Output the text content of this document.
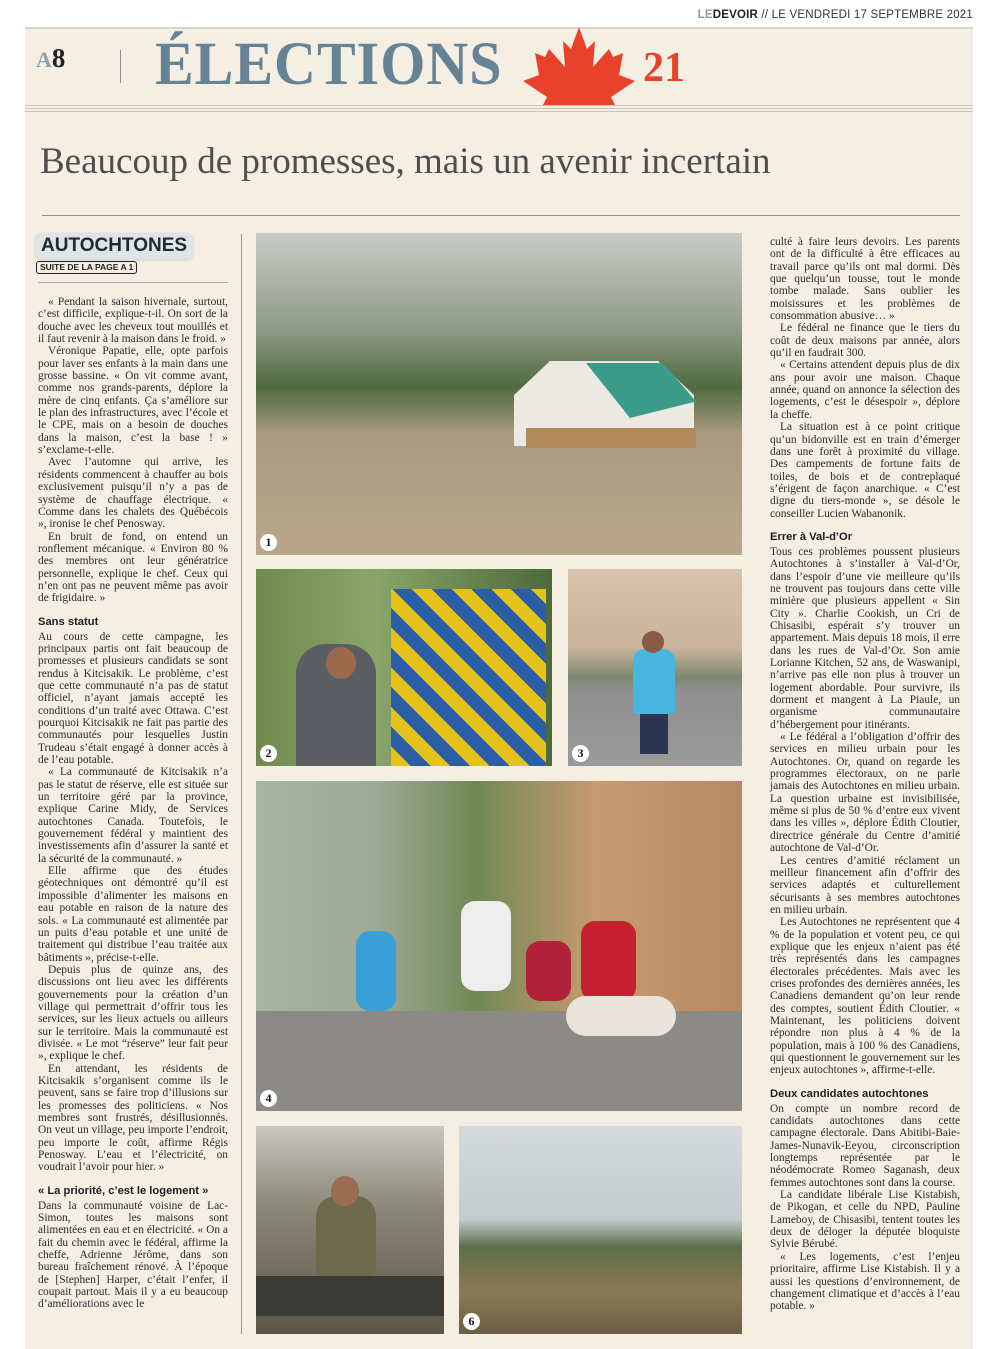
LEDEVOIR // LE VENDREDI 17 SEPTEMBRE 2021
A8 ÉLECTIONS	21
Beaucoup de promesses, mais un avenir incertain
AUTOCHTONES
SUITE DE LA PAGE A 1

« Pendant la saison hivernale, surtout, c’est difficile, explique-t-il. On sort de la douche avec les cheveux tout mouillés et il faut revenir à la maison dans le froid. »

Véronique Papatie, elle, opte parfois pour laver ses enfants à la main dans une grosse bassine. « On vit comme avant, comme nos grands-parents, déplore la mère de cinq enfants. Ça s’améliore sur le plan des infrastructures, avec l’école et le CPE, mais on a besoin de douches dans la maison, c’est la base ! » s’exclame-t-elle.

Avec l’automne qui arrive, les résidents commencent à chauffer au bois exclusivement puisqu’il n’y a pas de système de chauffage électrique. « Comme dans les chalets des Québécois », ironise le chef Penosway.

En bruit de fond, on entend un ronflement mécanique. « Environ 80 % des membres ont leur génératrice personnelle, explique le chef. Ceux qui n’en ont pas ne peuvent même pas avoir de frigidaire. »

Sans statut

Au cours de cette campagne, les principaux partis ont fait beaucoup de promesses et plusieurs candidats se sont rendus à Kitcisakik. Le problème, c’est que cette communauté n’a pas de statut officiel, n’ayant jamais accepté les conditions d’un traité avec Ottawa. C’est pourquoi Kitcisakik ne fait pas partie des communautés pour lesquelles Justin Trudeau s’était engagé à donner accès à de l’eau potable.

« La communauté de Kitcisakik n’a pas le statut de réserve, elle est située sur un territoire géré par la province, explique Carine Midy, de Services autochtones Canada. Toutefois, le gouvernement fédéral y maintient des investissements afin d’assurer la santé et la sécurité de la communauté. »

Elle affirme que des études géotechniques ont démontré qu’il est impossible d’alimenter les maisons en eau potable en raison de la nature des sols. « La communauté est alimentée par un puits d’eau potable et une unité de traitement qui distribue l’eau traitée aux bâtiments », précise-t-elle.

Depuis plus de quinze ans, des discussions ont lieu avec les différents gouvernements pour la création d’un village qui permettrait d’offrir tous les services, sur les lieux actuels ou ailleurs sur le territoire. Mais la communauté est divisée. « Le mot “réserve” leur fait peur », explique le chef.

En attendant, les résidents de Kitcisakik s’organisent comme ils le peuvent, sans se faire trop d’illusions sur les promesses des politiciens. « Nos membres sont frustrés, désillusionnés. On veut un village, peu importe l’endroit, peu importe le coût, affirme Régis Penosway. L’eau et l’électricité, on voudrait l’avoir pour hier. »

« La priorité, c’est le logement »

Dans la communauté voisine de Lac-Simon, toutes les maisons sont alimentées en eau et en électricité. « On a fait du chemin avec le fédéral, affirme la cheffe, Adrienne Jérôme, dans son bureau fraîchement rénové. À l’époque de [Stephen] Harper, c’était l’enfer, il coupait partout. Mais il y a eu beaucoup d’améliorations avec le

culté à faire leurs devoirs. Les parents ont de la difficulté à être efficaces au travail parce qu’ils ont mal dormi. Dès que quelqu’un tousse, tout le monde tombe malade. Sans oublier les moisissures et les problèmes de consommation abusive… »

Le fédéral ne finance que le tiers du coût de deux maisons par année, alors qu’il en faudrait 300.

« Certains attendent depuis plus de dix ans pour avoir une maison. Chaque année, quand on annonce la sélection des logements, c’est le désespoir », déplore la cheffe.

La situation est à ce point critique qu’un bidonville est en train d’émerger dans une forêt à proximité du village. Des campements de fortune faits de toiles, de bois et de contreplaqué s’érigent de façon anarchique. « C’est digne du tiers-monde », se désole le conseiller Lucien Wabanonik.

Errer à Val-d’Or

Tous ces problèmes poussent plusieurs Autochtones à s’installer à Val-d’Or, dans l’espoir d’une vie meilleure qu’ils ne trouvent pas toujours dans cette ville minière que plusieurs appellent « Sin City ». Charlie Cookish, un Cri de Chisasibi, espérait s’y trouver un appartement. Mais depuis 18 mois, il erre dans les rues de Val-d’Or. Son amie Lorianne Kitchen, 52 ans, de Waswanipi, n’arrive pas elle non plus à trouver un logement abordable. Pour survivre, ils dorment et mangent à La Piaule, un organisme communautaire d’hébergement pour itinérants.

« Le fédéral a l’obligation d’offrir des services en milieu urbain pour les Autochtones. Or, quand on regarde les programmes électoraux, on ne parle jamais des Autochtones en milieu urbain. La question urbaine est invisibilisée, même si plus de 50 % d’entre eux vivent dans les villes », déplore Édith Cloutier, directrice générale du Centre d’amitié autochtone de Val-d’Or.

Les centres d’amitié réclament un meilleur financement afin d’offrir des services adaptés et culturellement sécurisants à ses membres autochtones en milieu urbain.

Les Autochtones ne représentent que 4 % de la population et votent peu, ce qui explique que les enjeux n’aient pas été très représentés dans les campagnes électorales précédentes. Mais avec les crises profondes des dernières années, les Canadiens demandent qu’on leur rende des comptes, soutient Édith Cloutier. « Maintenant, les politiciens doivent répondre non plus à 4 % de la population, mais à 100 % des Canadiens, qui questionnent le gouvernement sur les enjeux autochtones », affirme-t-elle.

Deux candidates autochtones

On compte un nombre record de candidats autochtones dans cette campagne électorale. Dans Abitibi-Baie-James-Nunavik-Eeyou, circonscription longtemps représentée par le néodémocrate Romeo Saganash, deux femmes autochtones sont dans la course.

La candidate libérale Lise Kistabish, de Pikogan, et celle du NPD, Pauline Lameboy, de Chisasibi, tentent toutes les deux de déloger la députée bloquiste Sylvie Bérubé.

« Les logements, c’est l’enjeu prioritaire, affirme Lise Kistabish. Il y a aussi les questions d’environnement, de changement climatique et d’accès à l’eau potable. »

1
2	3
4
6
